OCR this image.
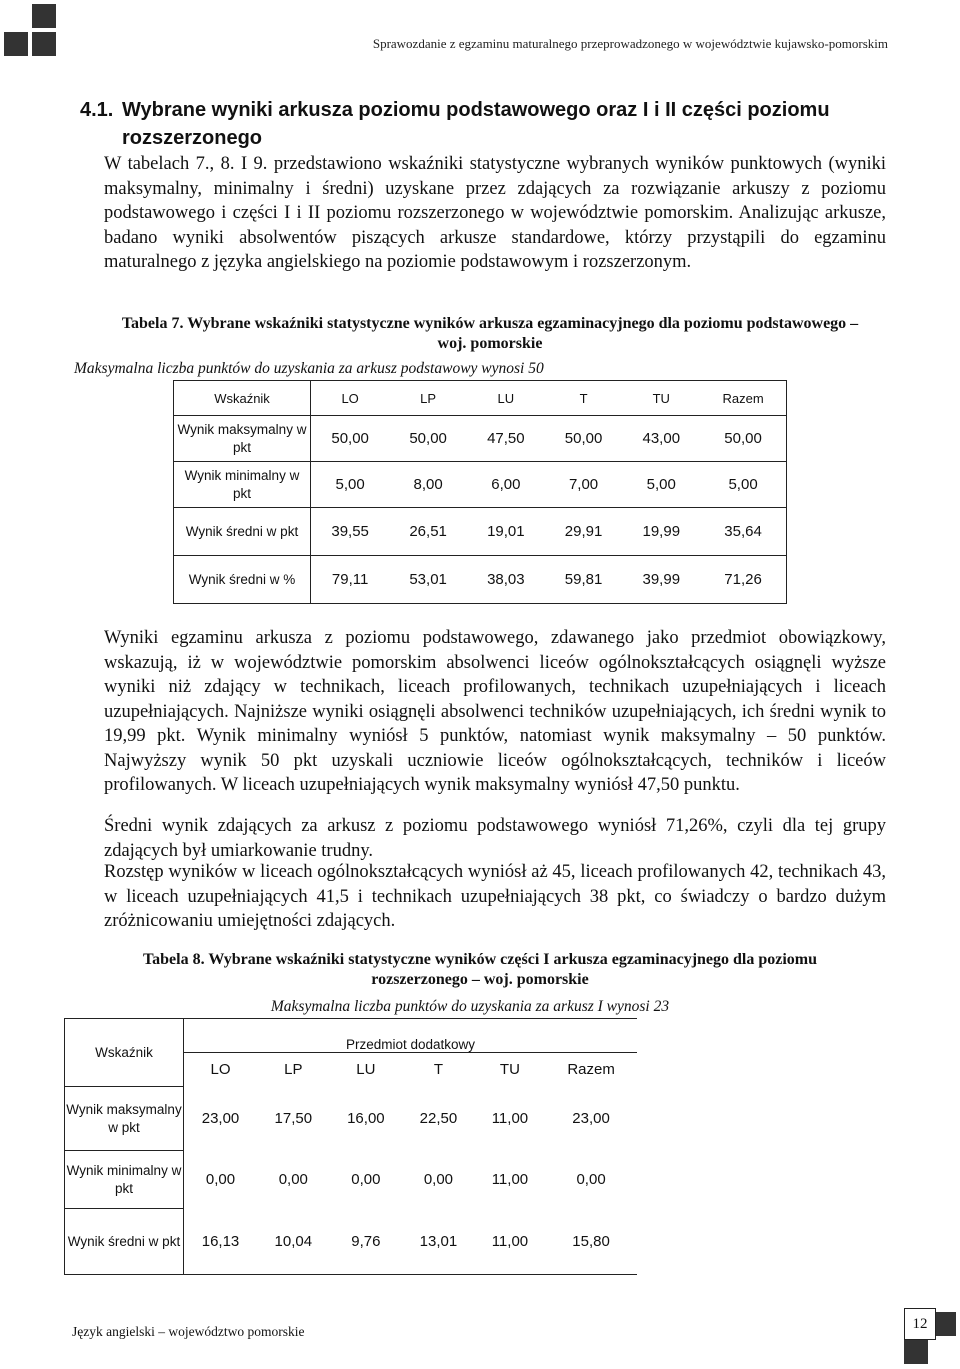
Sprawozdanie z egzaminu maturalnego przeprowadzonego w województwie kujawsko-pomorskim
4.1. Wybrane wyniki arkusza poziomu podstawowego oraz I i II części poziomu
rozszerzonego

W tabelach 7., 8. I 9. przedstawiono wskaźniki statystyczne wybranych wyników punktowych (wyniki maksymalny, minimalny i średni) uzyskane przez zdających za rozwiązanie arkuszy z poziomu podstawowego i części I i II poziomu rozszerzonego w województwie pomorskim. Analizując arkusze, badano wyniki absolwentów piszących arkusze standardowe, którzy przystąpili do egzaminu maturalnego z języka angielskiego na poziomie podstawowym i rozszerzonym.

Tabela 7. Wybrane wskaźniki statystyczne wyników arkusza egzaminacyjnego dla poziomu podstawowego –
woj. pomorskie
Maksymalna liczba punktów do uzyskania za arkusz podstawowy wynosi 50
Wskaźnik	LO	LP	LU	T	TU	Razem
Wynik maksymalny w pkt	50,00	50,00	47,50	50,00	43,00	50,00
Wynik minimalny w pkt	5,00	8,00	6,00	7,00	5,00	5,00
Wynik średni w pkt	39,55	26,51	19,01	29,91	19,99	35,64
Wynik średni w %	79,11	53,01	38,03	59,81	39,99	71,26

Wyniki egzaminu arkusza z poziomu podstawowego, zdawanego jako przedmiot obowiązkowy, wskazują, iż w województwie pomorskim absolwenci liceów ogólnokształcących osiągnęli wyższe wyniki niż zdający w technikach, liceach profilowanych, technikach uzupełniających i liceach uzupełniających. Najniższe wyniki osiągnęli absolwenci techników uzupełniających, ich średni wynik to 19,99 pkt. Wynik minimalny wyniósł 5 punktów, natomiast wynik maksymalny – 50 punktów. Najwyższy wynik 50 pkt uzyskali uczniowie liceów ogólnokształcących, techników i liceów profilowanych. W liceach uzupełniających wynik maksymalny wyniósł 47,50 punktu.

Średni wynik zdających za arkusz z poziomu podstawowego wyniósł 71,26%, czyli dla tej grupy zdających był umiarkowanie trudny.

Rozstęp wyników w liceach ogólnokształcących wyniósł aż 45, liceach profilowanych 42, technikach 43, w liceach uzupełniających 41,5 i technikach uzupełniających 38 pkt, co świadczy o bardzo dużym zróżnicowaniu umiejętności zdających.

Tabela 8. Wybrane wskaźniki statystyczne wyników części I arkusza egzaminacyjnego dla poziomu
rozszerzonego – woj. pomorskie
Maksymalna liczba punktów do uzyskania za arkusz I wynosi 23
Wskaźnik	Przedmiot dodatkowy					
	LO	LP	LU	T	TU	Razem
Wynik maksymalny w pkt	23,00	17,50	16,00	22,50	11,00	23,00
Wynik minimalny w pkt	0,00	0,00	0,00	0,00	11,00	0,00
Wynik średni w pkt	16,13	10,04	9,76	13,01	11,00	15,80
Język angielski – województwo pomorskie	12
